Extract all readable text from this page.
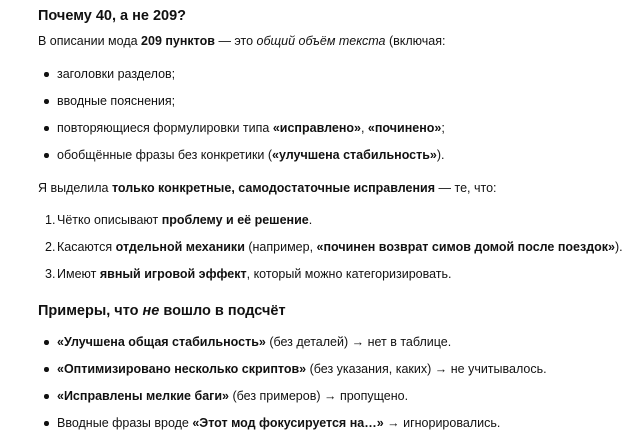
Почему 40, а не 209?

В описании мода 209 пунктов — это общий объём текста (включая:

заголовки разделов;
вводные пояснения;
повторяющиеся формулировки типа «исправлено», «починено»;
обобщённые фразы без конкретики («улучшена стабильность»).

Я выделила только конкретные, самодостаточные исправления — те, что:

1. Чётко описывают проблему и её решение.
2. Касаются отдельной механики (например, «починен возврат симов домой после поездок»).
3. Имеют явный игровой эффект, который можно категоризировать.
Примеры, что не вошло в подсчёт
«Улучшена общая стабильность» (без деталей) → нет в таблице.
«Оптимизировано несколько скриптов» (без указания, каких) → не учитывалось.
«Исправлены мелкие баги» (без примеров) → пропущено.
Вводные фразы вроде «Этот мод фокусируется на…» → игнорировались.
